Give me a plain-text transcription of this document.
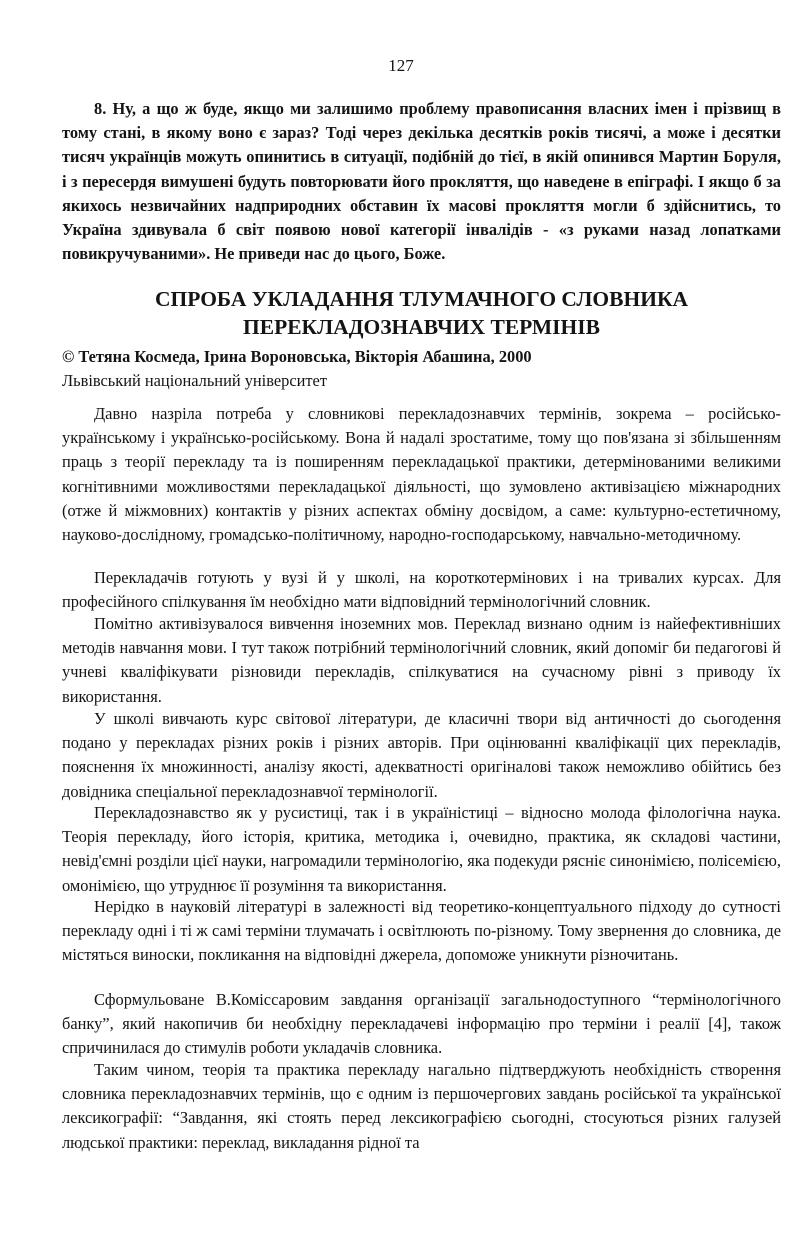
127

8. Ну, а що ж буде, якщо ми залишимо проблему правописання власних імен і прізвищ в тому стані, в якому воно є зараз? Тоді через декілька десятків років тисячі, а може і десятки тисяч українців можуть опинитись в ситуації, подібній до тієї, в якій опинився Мартин Боруля, і з пересердя вимушені будуть повторювати його прокляття, що наведене в епіграфі. І якщо б за якихось незвичайних надприродних обставин їх масові прокляття могли б здійснитись, то Україна здивувала б світ появою нової категорії інвалідів - «з руками назад лопатками повикручуваними». Не приведи нас до цього, Боже.

СПРОБА УКЛАДАННЯ ТЛУМАЧНОГО СЛОВНИКА
ПЕРЕКЛАДОЗНАВЧИХ ТЕРМІНІВ
© Тетяна Космеда, Ірина Вороновська, Вікторія Абашина, 2000
Львівський національний університет

Давно назріла потреба у словникові перекладознавчих термінів, зокрема – російсько-українському і українсько-російському. Вона й надалі зростатиме, тому що пов'язана зі збільшенням праць з теорії перекладу та із поширенням перекладацької практики, детермінованими великими когнітивними можливостями перекладацької діяльності, що зумовлено активізацією міжнародних (отже й міжмовних) контактів у різних аспектах обміну досвідом, а саме: культурно-естетичному, науково-дослідному, громадсько-політичному, народно-господарському, навчально-методичному.

Перекладачів готують у вузі й у школі, на короткотермінових і на тривалих курсах. Для професійного спілкування їм необхідно мати відповідний термінологічний словник.

Помітно активізувалося вивчення іноземних мов. Переклад визнано одним із найефективніших методів навчання мови. І тут також потрібний термінологічний словник, який допоміг би педагогові й учневі кваліфікувати різновиди перекладів, спілкуватися на сучасному рівні з приводу їх використання.

У школі вивчають курс світової літератури, де класичні твори від античності до сьогодення подано у перекладах різних років і різних авторів. При оцінюванні кваліфікації цих перекладів, пояснення їх множинності, аналізу якості, адекватності оригіналові також неможливо обійтись без довідника спеціальної перекладознавчої термінології.

Перекладознавство як у русистиці, так і в україністиці – відносно молода філологічна наука. Теорія перекладу, його історія, критика, методика і, очевидно, практика, як складові частини, невід'ємні розділи цієї науки, нагромадили термінологію, яка подекуди рясніє синонімією, полісемією, омонімією, що утруднює її розуміння та використання.

Нерідко в науковій літературі в залежності від теоретико-концептуального підходу до сутності перекладу одні і ті ж самі терміни тлумачать і освітлюють по-різному. Тому звернення до словника, де містяться виноски, покликання на відповідні джерела, допоможе уникнути різночитань.

Сформульоване В.Коміссаровим завдання організації загальнодоступного “термінологічного банку”, який накопичив би необхідну перекладачеві інформацію про терміни і реалії [4], також спричинилася до стимулів роботи укладачів словника.

Таким чином, теорія та практика перекладу нагально підтверджують необхідність створення словника перекладознавчих термінів, що є одним із першочергових завдань російської та української лексикографії: “Завдання, які стоять перед лексикографією сьогодні, стосуються різних галузей людської практики: переклад, викладання рідної та
